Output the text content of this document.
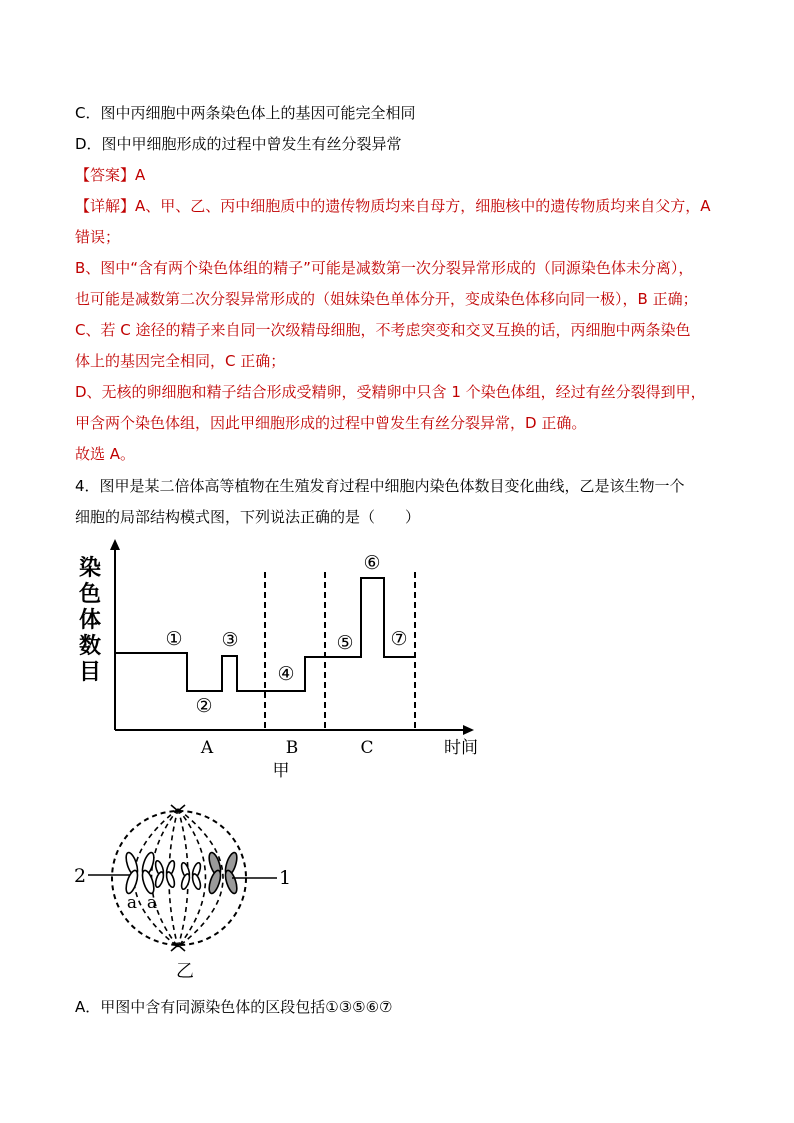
C．图中丙细胞中两条染色体上的基因可能完全相同
D．图中甲细胞形成的过程中曾发生有丝分裂异常
【答案】A
【详解】A、甲、乙、丙中细胞质中的遗传物质均来自母方，细胞核中的遗传物质均来自父方，A
错误；
B、图中“含有两个染色体组的精子”可能是减数第一次分裂异常形成的（同源染色体未分离），
也可能是减数第二次分裂异常形成的（姐妹染色单体分开，变成染色体移向同一极），B 正确；
C、若 C 途径的精子来自同一次级精母细胞，不考虑突变和交叉互换的话，丙细胞中两条染色
体上的基因完全相同，C 正确；
D、无核的卵细胞和精子结合形成受精卵，受精卵中只含 1 个染色体组，经过有丝分裂得到甲，
甲含两个染色体组，因此甲细胞形成的过程中曾发生有丝分裂异常，D 正确。
故选 A。
4．图甲是某二倍体高等植物在生殖发育过程中细胞内染色体数目变化曲线，乙是该生物一个
细胞的局部结构模式图，下列说法正确的是（　　）
染
色
体
数
目
①
②
③
④
⑤
⑥
⑦
A	B	C	时间
甲
2	1
a a
乙
A．甲图中含有同源染色体的区段包括①③⑤⑥⑦
